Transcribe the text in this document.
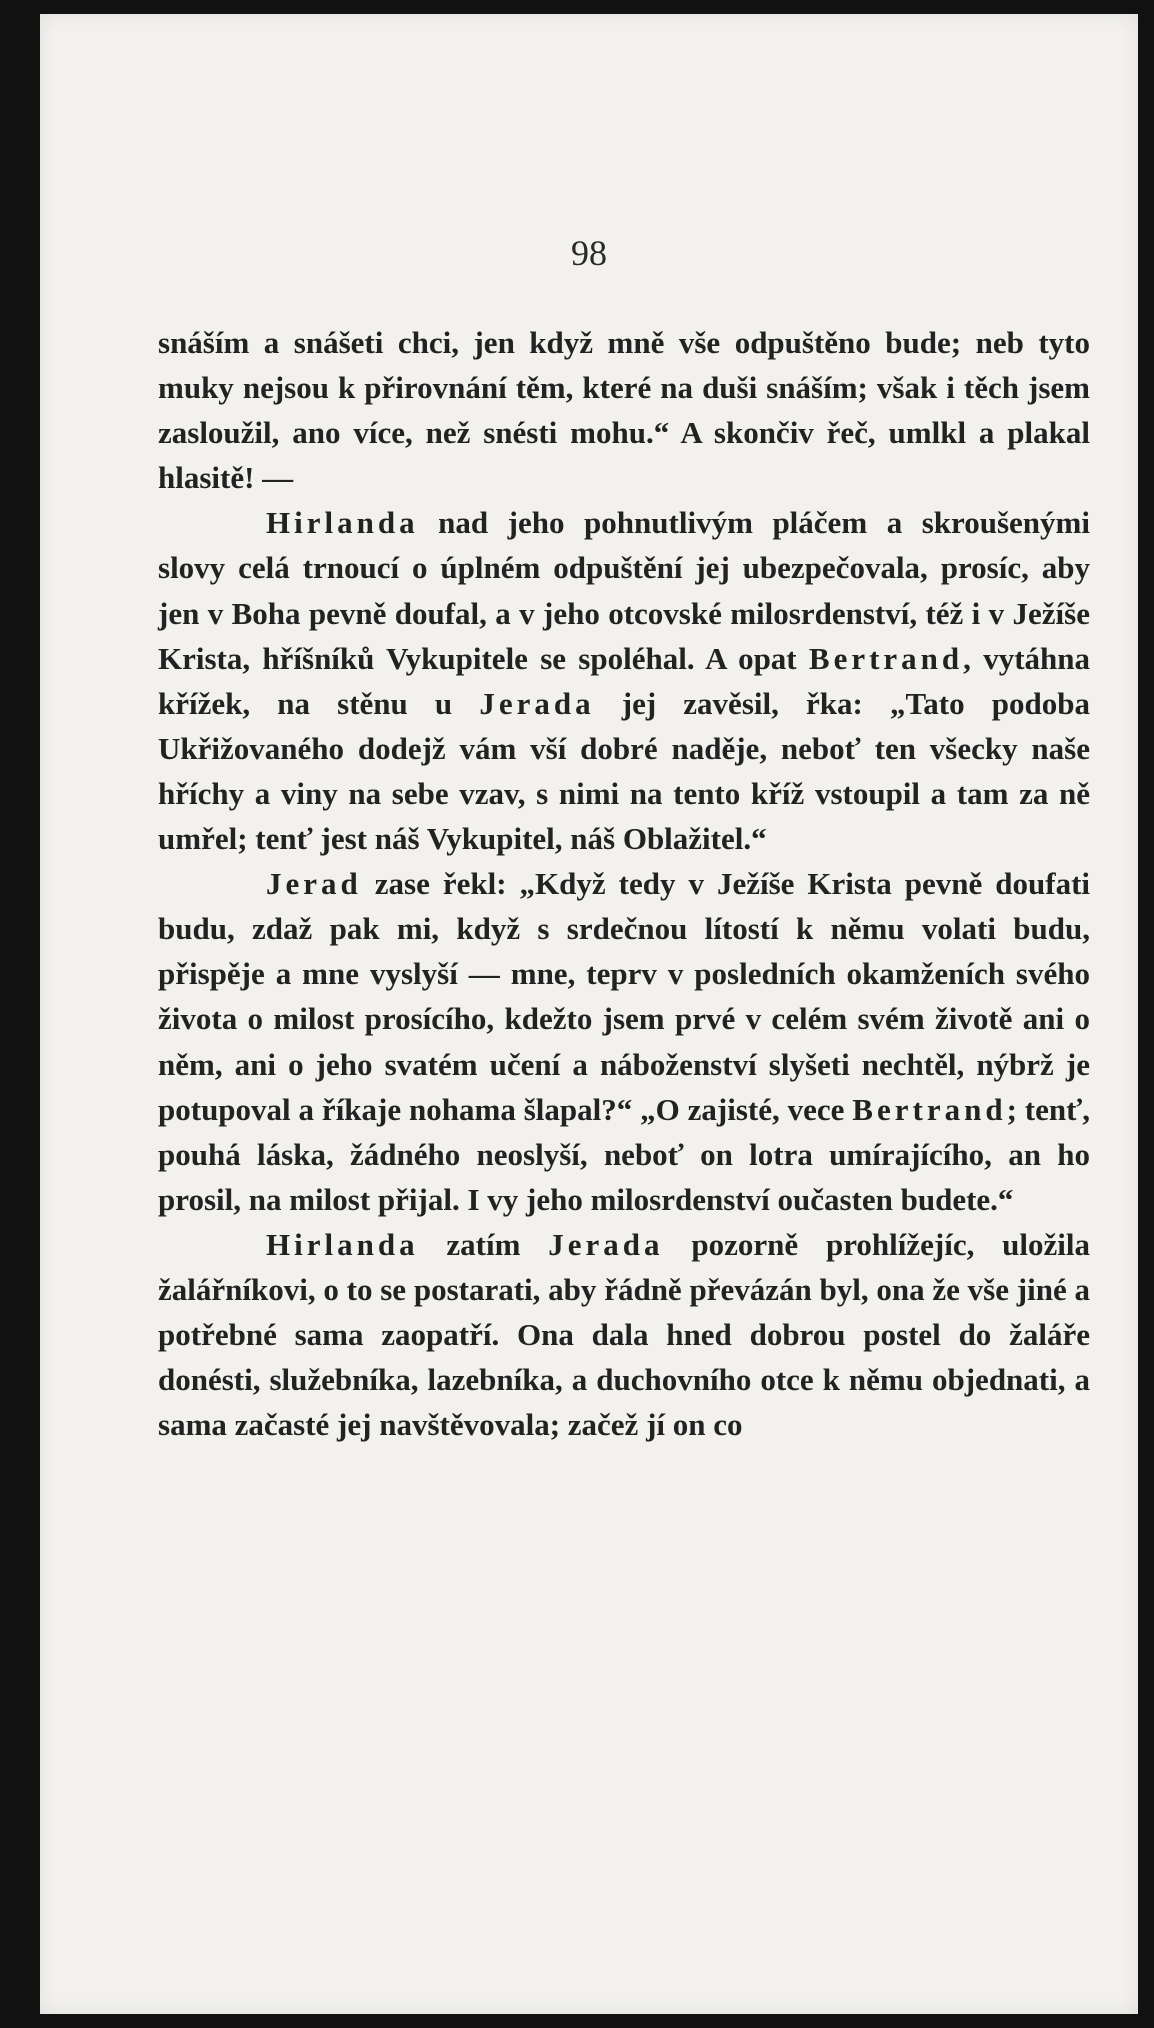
98

snáším a snášeti chci, jen když mně vše odpuštěno bude; neb tyto muky nejsou k přirovnání těm, které na duši snáším; však i těch jsem zasloužil, ano více, než snésti mohu.“ A skončiv řeč, umlkl a plakal hlasitě! —

Hirlanda nad jeho pohnutlivým pláčem a skroušenými slovy celá trnoucí o úplném odpuštění jej ubezpečovala, prosíc, aby jen v Boha pevně doufal, a v jeho otcovské milosrdenství, též i v Ježíše Krista, hříšníků Vykupitele se spoléhal. A opat Bertrand, vytáhna křížek, na stěnu u Jerada jej zavěsil, řka: „Tato podoba Ukřižovaného dodejž vám vší dobré naděje, neboť ten všecky naše hříchy a viny na sebe vzav, s nimi na tento kříž vstoupil a tam za ně umřel; tenť jest náš Vykupitel, náš Oblažitel.“

Jerad zase řekl: „Když tedy v Ježíše Krista pevně doufati budu, zdaž pak mi, když s srdečnou lítostí k němu volati budu, přispěje a mne vyslyší — mne, teprv v posledních okamženích svého života o milost prosícího, kdežto jsem prvé v celém svém životě ani o něm, ani o jeho svatém učení a náboženství slyšeti nechtěl, nýbrž je potupoval a říkaje nohama šlapal?“ „O zajisté, vece Bertrand; tenť, pouhá láska, žádného neoslyší, neboť on lotra umírajícího, an ho prosil, na milost přijal. I vy jeho milosrdenství oučasten budete.“

Hirlanda zatím Jerada pozorně prohlížejíc, uložila žalářníkovi, o to se postarati, aby řádně převázán byl, ona že vše jiné a potřebné sama zaopatří. Ona dala hned dobrou postel do žaláře donésti, služebníka, lazebníka, a duchovního otce k němu objednati, a sama začasté jej navštěvovala; začež jí on co
